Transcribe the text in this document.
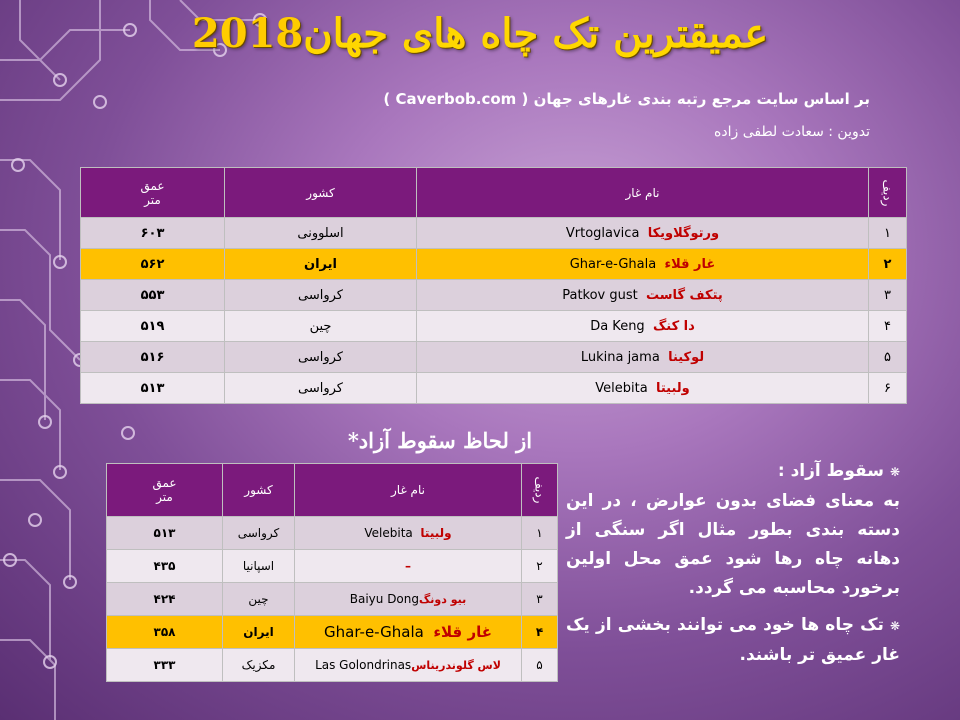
عمیقترین تک چاه های جهان2018
بر اساس سایت مرجع رتبه بندی غارهای جهان ( Caverbob.com )
تدوین : سعادت لطفی زاده
ردیف	نام غار	کشور	عمق
متر

۱	ورتوگلاویکا  Vrtoglavica	اسلوونی	۶۰۳
۲	غار قلاء  Ghar-e-Ghala	ایران	۵۶۲
۳	پتکف گاست  Patkov gust	کرواسی	۵۵۳
۴	دا کنگ  Da Keng	چین	۵۱۹
۵	لوکینا  Lukina jama	کرواسی	۵۱۶
۶	ولبیتا  Velebita	کرواسی	۵۱۳
از لحاظ سقوط آزاد*
ردیف	نام غار	کشور	عمق
متر

۱	ولبیتا  Velebita	کرواسی	۵۱۳
۲	–	اسپانیا	۴۳۵
۳	بیو دونگBaiyu Dong	چین	۴۲۴
۴	غار قلاء  Ghar-e-Ghala	ایران	۳۵۸
۵	لاس گلوندریناسLas Golondrinas	مکزیک	۳۳۳

❋سقوط آزاد :
به معنای فضای بدون عوارض ، در این دسته بندی بطور مثال اگر سنگی از دهانه چاه رها شود عمق محل اولین برخورد محاسبه می گردد.

❋تک چاه ها خود می توانند بخشی از یک غار عمیق تر باشند.
